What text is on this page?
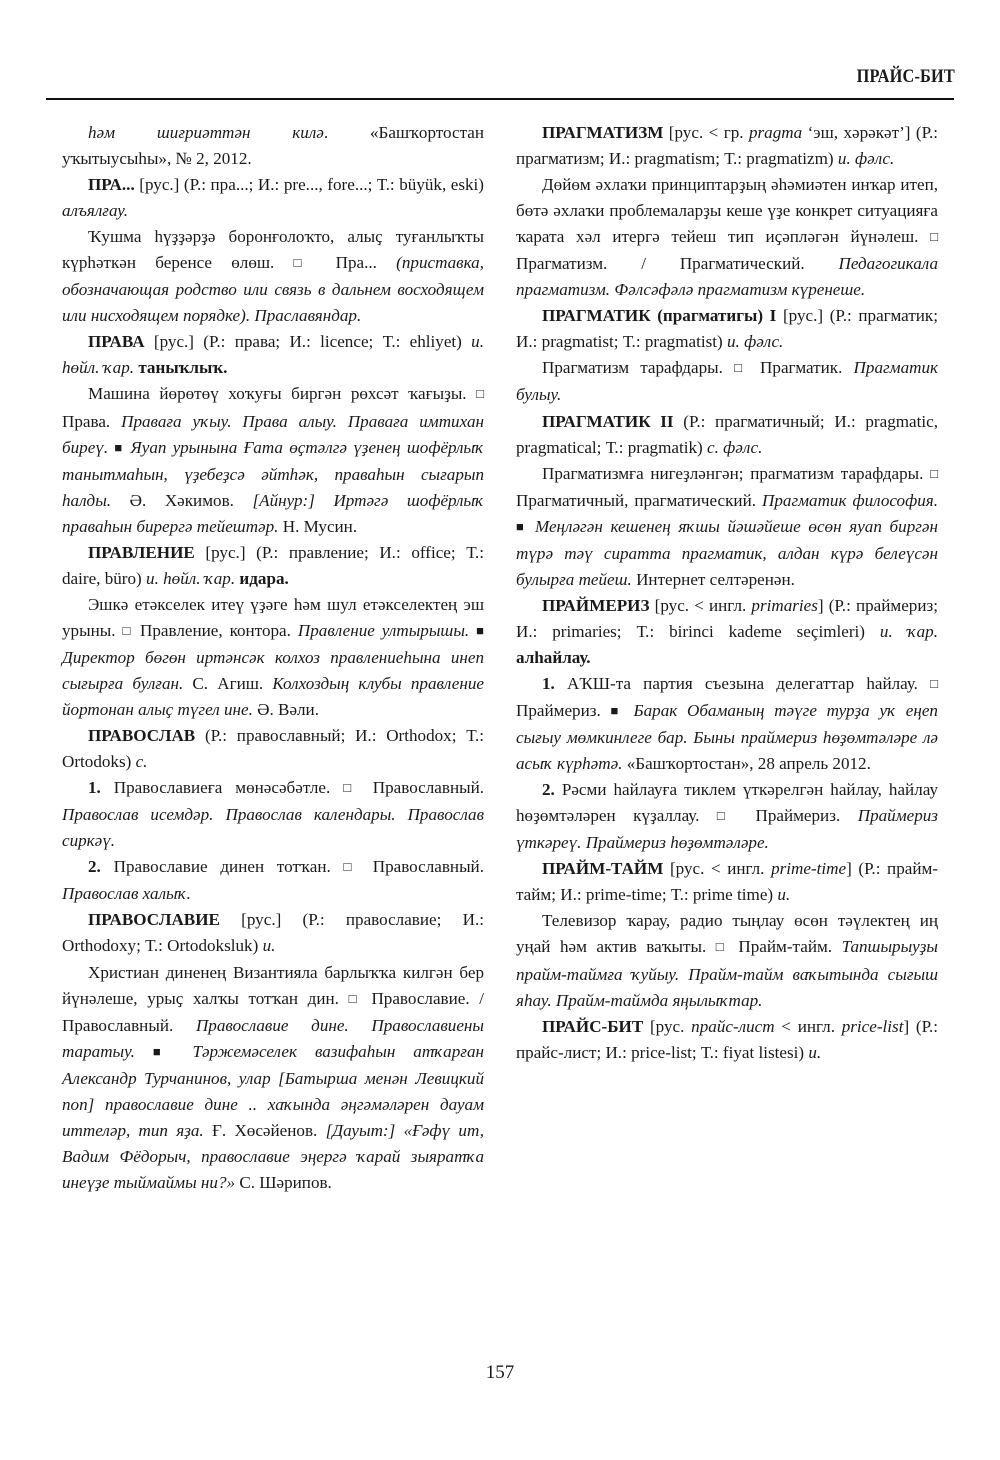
ПРАЙС-БИТ

һәм шиғриәттән килә. «Башҡортостан уҡытыусыһы», № 2, 2012.

ПРА... [рус.] (Р.: пра...; И.: pre..., fore...; Т.: büyük, eski) алъялғау.

Ҡушма һүҙҙәрҙә боронғолоҡто, алыҫ туғанлыҡты күрһәткән беренсе өлөш. □ Пра... (приставка, обозначающая родство или связь в дальнем восходящем или нисходящем порядке). Праславяндар.

ПРАВА [рус.] (Р.: права; И.: licence; Т.: ehliyet) и. һөйл. ҡар. таныҡлыҡ.

Машина йөрөтөү хоҡуғы биргән рөхсәт ҡағыҙы. □ Права. Праваға уҡыу. Права алыу. Праваға имтихан биреү. ■ Яуап урынына Ғата өҫтәлгә үҙенең шофёрлыҡ танытмаһын, үҙебеҙсә әйтһәк, праваһын сығарып һалды. Ә. Хәкимов. [Айнур:] Иртәгә шофёрлыҡ праваһын бирергә тейештәр. Н. Мусин.

ПРАВЛЕНИЕ [рус.] (Р.: правление; И.: office; Т.: daire, büro) и. һөйл. ҡар. идара.

Эшкә етәкселек итеү үҙәге һәм шул етәкселектең эш урыны. □ Правление, контора. Правление ултырышы. ■ Директор бөгөн иртәнсәк колхоз правлениеһына инеп сығырға булған. С. Агиш. Колхоздың клубы правление йортонан алыҫ түгел ине. Ә. Вәли.

ПРАВОСЛАВ (Р.: православный; И.: Orthodox; Т.: Ortodoks) с.

1. Православиеға мөнәсәбәтле. □ Православный. Православ исемдәр. Православ календары. Православ сиркәү.

2. Православие динен тотҡан. □ Православный. Православ халыҡ.

ПРАВОСЛАВИЕ [рус.] (Р.: православие; И.: Orthodoxy; Т.: Ortodoksluk) и.

Христиан диненең Византияла барлыҡҡа килгән бер йүнәлеше, урыҫ халҡы тотҡан дин. □ Православие. / Православный. Православие дине. Православиены таратыу. ■	Тәржемәселек вазифаһын атҡарған Александр Турчанинов, улар [Батырша менән Левицкий поп] православие дине .. хаҡында әңгәмәләрен дауам иттеләр, тип яҙа. Ғ. Хөсәйенов. [Дауыт:] «Ғәфү ит, Вадим Фёдорыч, православие эңергә ҡарай зыяратҡа инеүҙе тыймаймы ни?» С. Шәрипов.

ПРАГМАТИЗМ [рус. < гр. pragma ‘эш, хәрәкәт’] (Р.: прагматизм; И.: pragmatism; Т.: pragmatizm) и. фәлс.

Дөйөм әхлаҡи принциптарҙың әһәмиәтен инҡар итеп, бөтә әхлаҡи проблемаларҙы кеше үҙе конкрет ситуацияға ҡарата хәл итергә тейеш тип иҫәпләгән йүнәлеш. □ Прагматизм. / Прагматический. Педагогикала прагматизм. Фәлсәфәлә прагматизм күренеше.

ПРАГМАТИК (прагматигы) I [рус.] (Р.: прагматик; И.: pragmatist; Т.: pragmatist) и. фәлс.

Прагматизм тарафдары. □ Прагматик. Прагматик булыу.

ПРАГМАТИК II (Р.: прагматичный; И.: pragmatic, pragmatical; Т.: pragmatik) с. фәлс.

Прагматизмға нигеҙләнгән; прагматизм тарафдары. □ Прагматичный, прагматический. Прагматик философия. ■ Меңләгән кешенең яҡшы йәшәйеше өсөн яуап биргән түрә тәү сиратта прагматик, алдан күрә белеүсән булырға тейеш. Интернет селтәренән.

ПРАЙМЕРИЗ [рус. < ингл. primaries] (Р.: праймериз; И.: primaries; Т.: birinci kademe seçimleri) и. ҡар. алһайлау.

1. АҠШ-та партия съезына делегаттар һайлау. □ Праймериз. ■ Барак Обаманың тәүге турҙа уҡ еңеп сығыу мөмкинлеге бар. Быны праймериз һөҙөмтәләре лә асыҡ күрһәтә. «Башҡортостан», 28 апрель 2012.

2. Рәсми һайлауға тиклем үткәрелгән һайлау, һайлау һөҙөмтәләрен күҙаллау. □ Праймериз. Праймериз үткәреү. Праймериз һөҙөмтәләре.

ПРАЙМ-ТАЙМ [рус. < ингл. prime-time] (Р.: прайм-тайм; И.: prime-time; Т.: prime time) и.

Телевизор ҡарау, радио тыңлау өсөн тәүлектең иң уңай һәм актив ваҡыты. □ Прайм-тайм. Тапшырыуҙы прайм-таймға ҡуйыу. Прайм-тайм ваҡытында сығыш яһау. Прайм-таймда яңылыҡтар.

ПРАЙС-БИТ [рус. прайс-лист < ингл. price-list] (Р.: прайс-лист; И.: price-list; Т.: fiyat listesi) и.

157
